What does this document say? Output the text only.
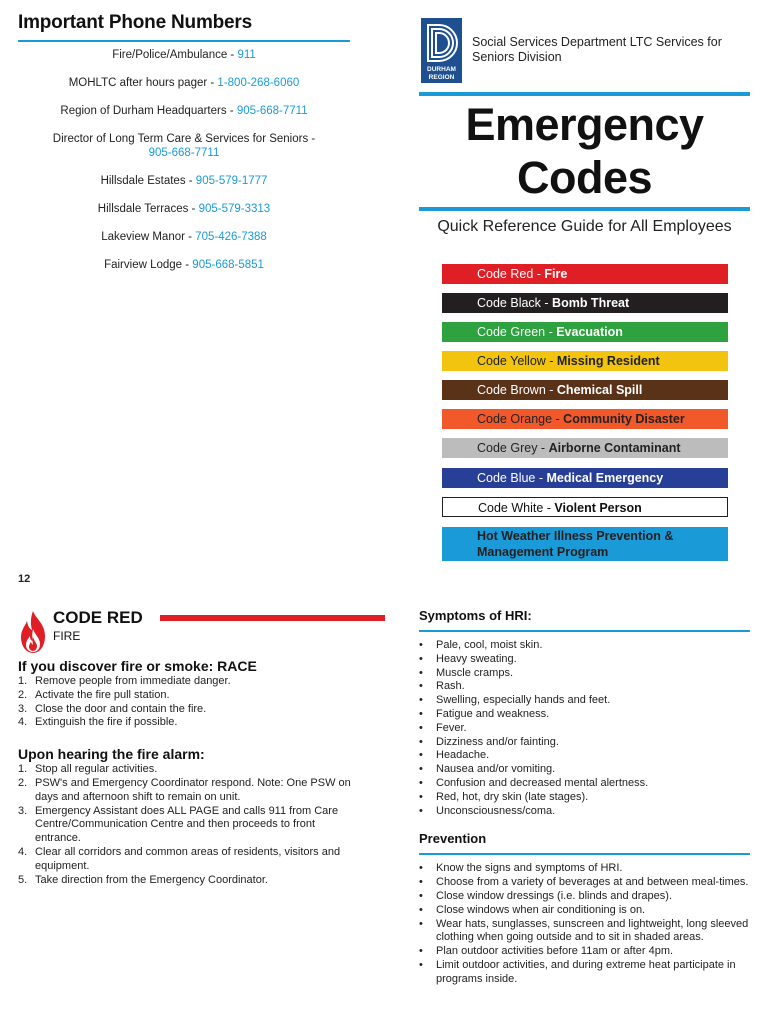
Important Phone Numbers
Fire/Police/Ambulance - 911
MOHLTC after hours pager - 1-800-268-6060
Region of Durham Headquarters - 905-668-7711
Director of Long Term Care & Services for Seniors -
905-668-7711
Hillsdale Estates - 905-579-1777
Hillsdale Terraces - 905-579-3313
Lakeview Manor - 705-426-7388
Fairview Lodge - 905-668-5851
DURHAM
REGION
Social Services Department LTC Services for Seniors Division
Emergency
Codes
Quick Reference Guide for All Employees
Code Red - Fire
Code Black - Bomb Threat
Code Green - Evacuation
Code Yellow - Missing Resident
Code Brown - Chemical Spill
Code Orange - Community Disaster
Code Grey - Airborne Contaminant
Code Blue - Medical Emergency
Code White - Violent Person
Hot Weather Illness Prevention & Management Program
12
CODE RED
FIRE
If you discover fire or smoke: RACE
1. Remove people from immediate danger.
2. Activate the fire pull station.
3. Close the door and contain the fire.
4. Extinguish the fire if possible.
Upon hearing the fire alarm:
1. Stop all regular activities.
2. PSW's and Emergency Coordinator respond. Note: One PSW on days and afternoon shift to remain on unit.
3. Emergency Assistant does ALL PAGE and calls 911 from Care Centre/Communication Centre and then proceeds to front entrance.
4. Clear all corridors and common areas of residents, visitors and equipment.
5. Take direction from the Emergency Coordinator.
Symptoms of HRI:
• Pale, cool, moist skin.
• Heavy sweating.
• Muscle cramps.
• Rash.
• Swelling, especially hands and feet.
• Fatigue and weakness.
• Fever.
• Dizziness and/or fainting.
• Headache.
• Nausea and/or vomiting.
• Confusion and decreased mental alertness.
• Red, hot, dry skin (late stages).
• Unconsciousness/coma.
Prevention
• Know the signs and symptoms of HRI.
• Choose from a variety of beverages at and between meal-times.
• Close window dressings (i.e. blinds and drapes).
• Close windows when air conditioning is on.
• Wear hats, sunglasses, sunscreen and lightweight, long sleeved clothing when going outside and to sit in shaded areas.
• Plan outdoor activities before 11am or after 4pm.
• Limit outdoor activities, and during extreme heat participate in programs inside.
